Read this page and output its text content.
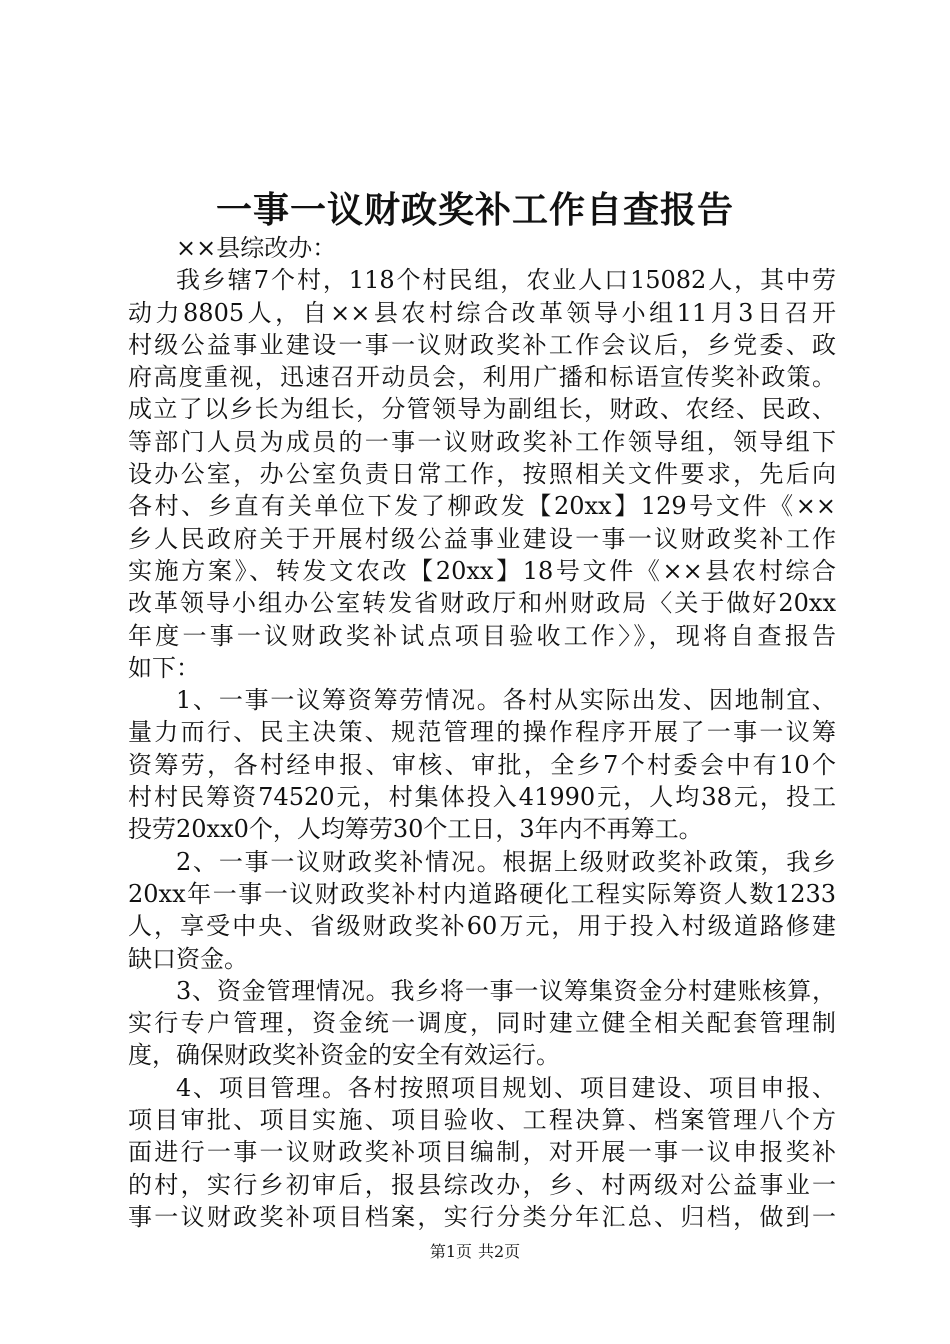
一事一议财政奖补工作自查报告
××县综改办：
我乡辖7个村，118个村民组，农业人口15082人，其中劳
动力8805人，自××县农村综合改革领导小组11月3日召开
村级公益事业建设一事一议财政奖补工作会议后，乡党委、政
府高度重视，迅速召开动员会，利用广播和标语宣传奖补政策。
成立了以乡长为组长，分管领导为副组长，财政、农经、民政、
等部门人员为成员的一事一议财政奖补工作领导组，领导组下
设办公室，办公室负责日常工作，按照相关文件要求，先后向
各村、乡直有关单位下发了柳政发【20xx】129号文件《××
乡人民政府关于开展村级公益事业建设一事一议财政奖补工作
实施方案》、转发文农改【20xx】18号文件《××县农村综合
改革领导小组办公室转发省财政厅和州财政局〈关于做好20xx
年度一事一议财政奖补试点项目验收工作〉》，现将自查报告
如下：
1、一事一议筹资筹劳情况。各村从实际出发、因地制宜、
量力而行、民主决策、规范管理的操作程序开展了一事一议筹
资筹劳，各村经申报、审核、审批，全乡7个村委会中有10个
村村民筹资74520元，村集体投入41990元，人均38元，投工
投劳20xx0个，人均筹劳30个工日，3年内不再筹工。
2、一事一议财政奖补情况。根据上级财政奖补政策，我乡
20xx年一事一议财政奖补村内道路硬化工程实际筹资人数1233
人，享受中央、省级财政奖补60万元，用于投入村级道路修建
缺口资金。
3、资金管理情况。我乡将一事一议筹集资金分村建账核算，
实行专户管理，资金统一调度，同时建立健全相关配套管理制
度，确保财政奖补资金的安全有效运行。
4、项目管理。各村按照项目规划、项目建设、项目申报、
项目审批、项目实施、项目验收、工程决算、档案管理八个方
面进行一事一议财政奖补项目编制，对开展一事一议申报奖补
的村，实行乡初审后，报县综改办，乡、村两级对公益事业一
事一议财政奖补项目档案，实行分类分年汇总、归档，做到一
第1页 共2页
